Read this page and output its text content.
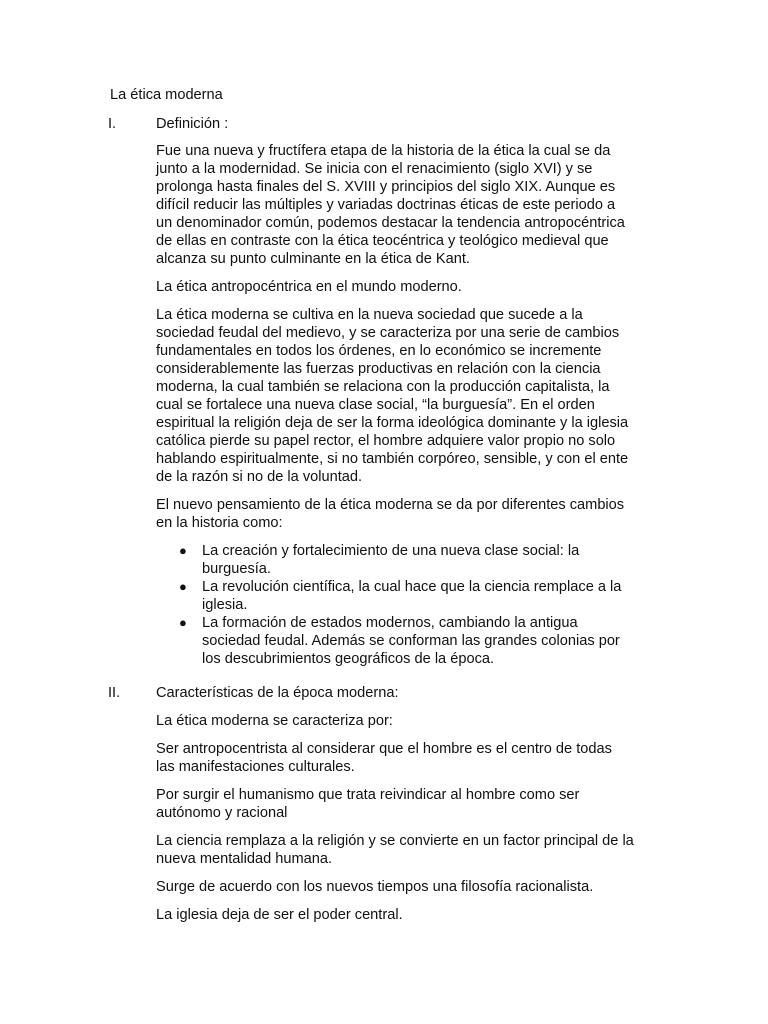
La ética moderna
I.	Definición :

Fue una nueva y fructífera etapa de la historia de la ética la cual se da junto a la modernidad. Se inicia con el renacimiento (siglo XVI) y se prolonga hasta finales del S. XVIII y principios del siglo XIX. Aunque es difícil reducir las múltiples y variadas doctrinas éticas de este periodo a un denominador común, podemos destacar la tendencia antropocéntrica de ellas en contraste con la ética teocéntrica y teológico medieval que alcanza su punto culminante en la ética de Kant.

La ética antropocéntrica en el mundo moderno.

La ética moderna se cultiva en la nueva sociedad que sucede a la sociedad feudal del medievo, y se caracteriza por una serie de cambios fundamentales en todos los órdenes, en lo económico se incremente considerablemente las fuerzas productivas en relación con la ciencia moderna, la cual también se relaciona con la producción capitalista, la cual se fortalece una nueva clase social, “la burguesía”. En el orden espiritual la religión deja de ser la forma ideológica dominante y la iglesia católica pierde su papel rector, el hombre adquiere valor propio no solo hablando espiritualmente, si no también corpóreo, sensible, y con el ente de la razón si no de la voluntad.

El nuevo pensamiento de la ética moderna se da por diferentes cambios en la historia como:

● La creación y fortalecimiento de una nueva clase social: la burguesía.
● La revolución científica, la cual hace que la ciencia remplace a la iglesia.
● La formación de estados modernos, cambiando la antigua sociedad feudal. Además se conforman las grandes colonias por los descubrimientos geográficos de la época.
II. Características de la época moderna:

La ética moderna se caracteriza por:

Ser antropocentrista al considerar que el hombre es el centro de todas las manifestaciones culturales.

Por surgir el humanismo que trata reivindicar al hombre como ser autónomo y racional

La ciencia remplaza a la religión y se convierte en un factor principal de la nueva mentalidad humana.

Surge de acuerdo con los nuevos tiempos una filosofía racionalista.

La iglesia deja de ser el poder central.
